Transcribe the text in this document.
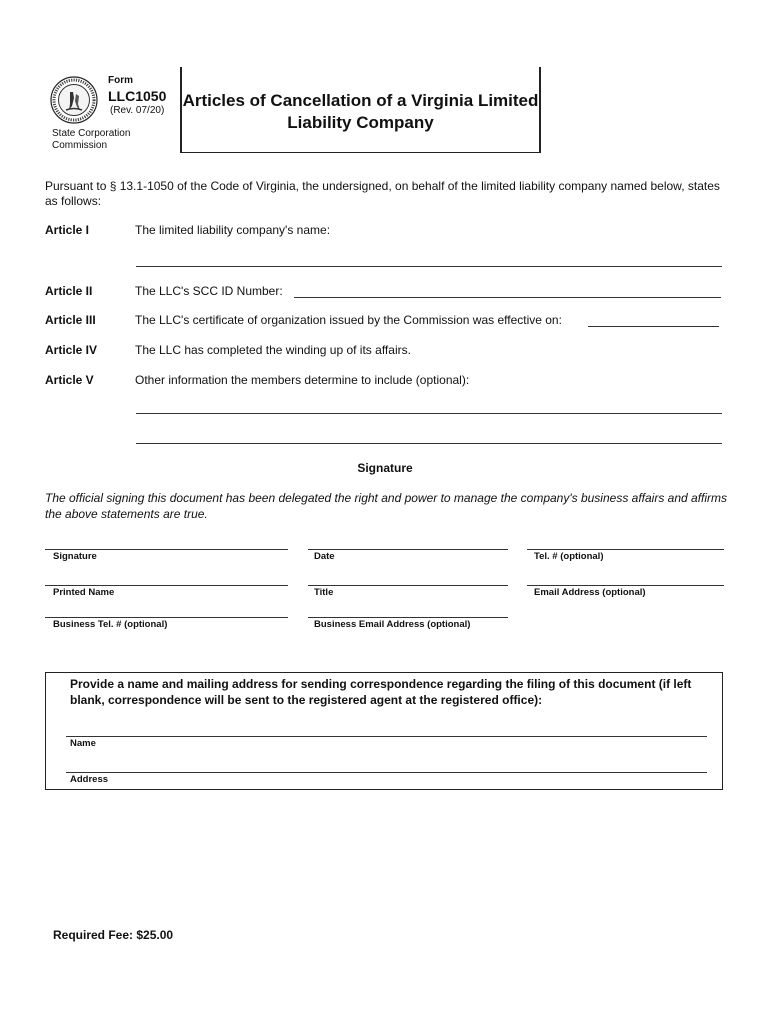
Form
LLC1050
(Rev. 07/20)
State Corporation Commission
Articles of Cancellation of a Virginia Limited Liability Company
Pursuant to § 13.1-1050 of the Code of Virginia, the undersigned, on behalf of the limited liability company named below, states as follows:
Article I	The limited liability company's name:
Article II	The LLC's SCC ID Number:
Article III	The LLC's certificate of organization issued by the Commission was effective on:
Article IV	The LLC has completed the winding up of its affairs.
Article V	Other information the members determine to include (optional):
Signature
The official signing this document has been delegated the right and power to manage the company's business affairs and affirms the above statements are true.
Signature	Date	Tel. # (optional)
Printed Name	Title	Email Address (optional)
Business Tel. # (optional)	Business Email Address (optional)
Provide a name and mailing address for sending correspondence regarding the filing of this document (if left blank, correspondence will be sent to the registered agent at the registered office):
Name
Address
Required Fee: $25.00
